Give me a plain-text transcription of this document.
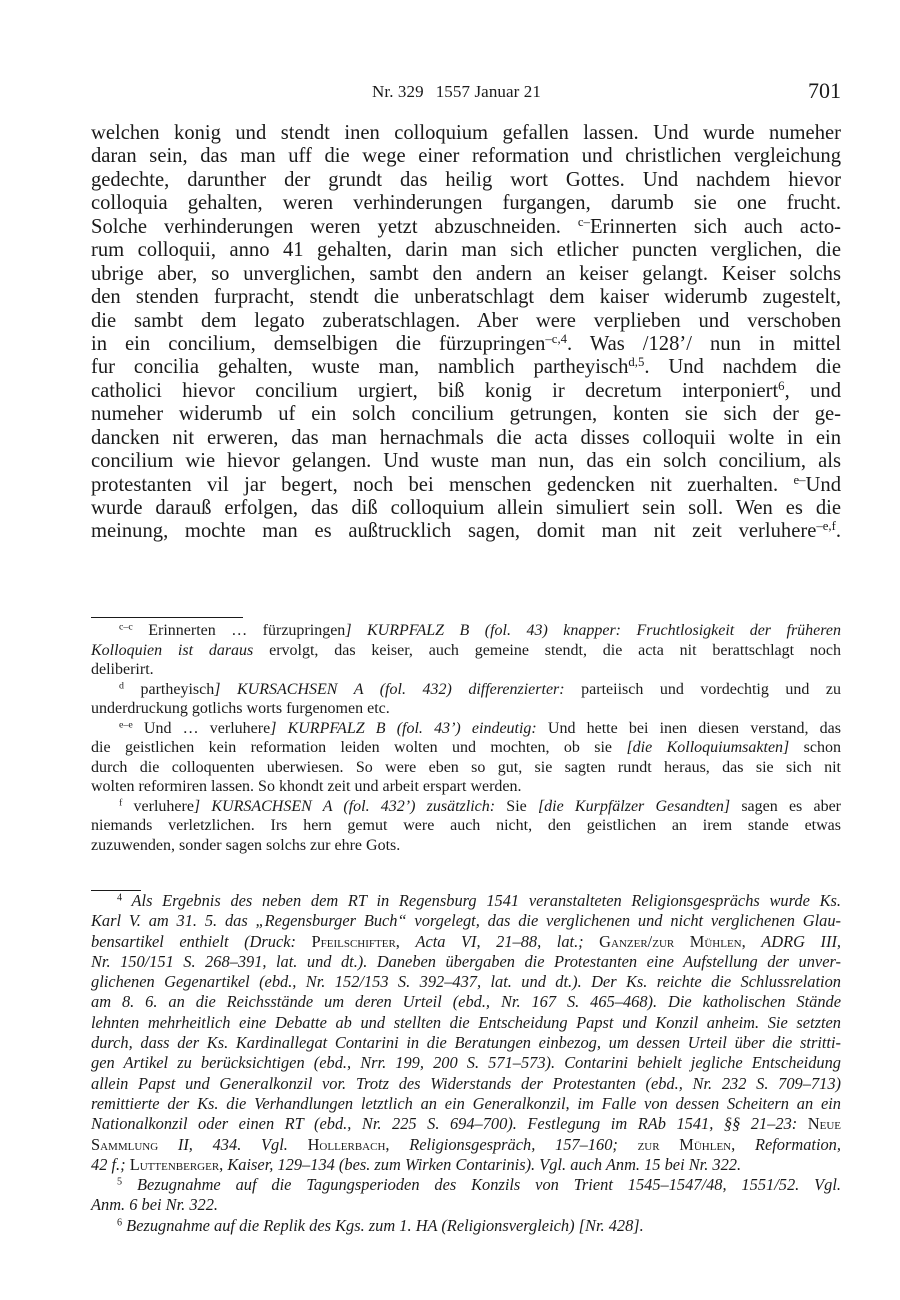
Nr. 329 1557 Januar 21	701
welchen konig und stendt inen colloquium gefallen lassen. Und wurde numeher
daran sein, das man uff die wege einer reformation und christlichen vergleichung
gedechte, darunther der grundt das heilig wort Gottes. Und nachdem hievor
colloquia gehalten, weren verhinderungen furgangen, darumb sie one frucht.
Solche verhinderungen weren yetzt abzuschneiden. $^{c-}$Erinnerten sich auch acto-
rum colloquii, anno 41 gehalten, darin man sich etlicher puncten verglichen, die
ubrige aber, so unverglichen, sambt den andern an keiser gelangt. Keiser solchs
den stenden furpracht, stendt die unberatschlagt dem kaiser widerumb zugestelt,
die sambt dem legato zuberatschlagen. Aber were verplieben und verschoben
in ein concilium, demselbigen die fürzupringen$^{-c,4}$. Was /128’/ nun in mittel
fur concilia gehalten, wuste man, namblich partheyisch$^{d,5}$. Und nachdem die
catholici hievor concilium urgiert, biß konig ir decretum interponiert$^6$, und
numeher widerumb uf ein solch concilium getrungen, konten sie sich der ge-
dancken nit erweren, das man hernachmals die acta disses colloquii wolte in ein
concilium wie hievor gelangen. Und wuste man nun, das ein solch concilium, als
protestanten vil jar begert, noch bei menschen gedencken nit zuerhalten. $^{e-}$Und
wurde darauß erfolgen, das diß colloquium allein simuliert sein soll. Wen es die
meinung, mochte man es außtrucklich sagen, domit man nit zeit verluhere$^{-e,f}$.
$^{c-c}$ Erinnerten … fürzupringen] KURPFALZ B (fol. 43) knapper: Fruchtlosigkeit der früheren
Kolloquien ist daraus ervolgt, das keiser, auch gemeine stendt, die acta nit berattschlagt noch
deliberirt.
$^d$ partheyisch] KURSACHSEN A (fol. 432) differenzierter: parteiisch und vordechtig und zu
underdruckung gotlichs worts furgenomen etc.
$^{e-e}$ Und … verluhere] KURPFALZ B (fol. 43’) eindeutig: Und hette bei inen diesen verstand, das
die geistlichen kein reformation leiden wolten und mochten, ob sie [die Kolloquiumsakten] schon
durch die colloquenten uberwiesen. So were eben so gut, sie sagten rundt heraus, das sie sich nit
wolten reformiren lassen. So khondt zeit und arbeit erspart werden.
$^f$ verluhere] KURSACHSEN A (fol. 432’) zusätzlich: Sie [die Kurpfälzer Gesandten] sagen es aber
niemands verletzlichen. Irs hern gemut were auch nicht, den geistlichen an irem stande etwas
zuzuwenden, sonder sagen solchs zur ehre Gots.
$^4$ Als Ergebnis des neben dem RT in Regensburg 1541 veranstalteten Religionsgesprächs wurde Ks.
Karl V. am 31. 5. das „Regensburger Buch“ vorgelegt, das die verglichenen und nicht verglichenen Glau-
bensartikel enthielt (Druck: Pfeilschifter, Acta VI, 21–88, lat.; Ganzer/zur Mühlen, ADRG III,
Nr. 150/151 S. 268–391, lat. und dt.). Daneben übergaben die Protestanten eine Aufstellung der unver-
glichenen Gegenartikel (ebd., Nr. 152/153 S. 392–437, lat. und dt.). Der Ks. reichte die Schlussrelation
am 8. 6. an die Reichsstände um deren Urteil (ebd., Nr. 167 S. 465–468). Die katholischen Stände
lehnten mehrheitlich eine Debatte ab und stellten die Entscheidung Papst und Konzil anheim. Sie setzten
durch, dass der Ks. Kardinallegat Contarini in die Beratungen einbezog, um dessen Urteil über die stritti-
gen Artikel zu berücksichtigen (ebd., Nrr. 199, 200 S. 571–573). Contarini behielt jegliche Entscheidung
allein Papst und Generalkonzil vor. Trotz des Widerstands der Protestanten (ebd., Nr. 232 S. 709–713)
remittierte der Ks. die Verhandlungen letztlich an ein Generalkonzil, im Falle von dessen Scheitern an ein
Nationalkonzil oder einen RT (ebd., Nr. 225 S. 694–700). Festlegung im RAb 1541, §§ 21–23: Neue
Sammlung II, 434. Vgl. Hollerbach, Religionsgespräch, 157–160; zur Mühlen, Reformation,
42 f.; Luttenberger, Kaiser, 129–134 (bes. zum Wirken Contarinis). Vgl. auch Anm. 15 bei Nr. 322.
$^5$ Bezugnahme auf die Tagungsperioden des Konzils von Trient 1545–1547/48, 1551/52. Vgl.
Anm. 6 bei Nr. 322.
$^6$ Bezugnahme auf die Replik des Kgs. zum 1. HA (Religionsvergleich) [Nr. 428].
